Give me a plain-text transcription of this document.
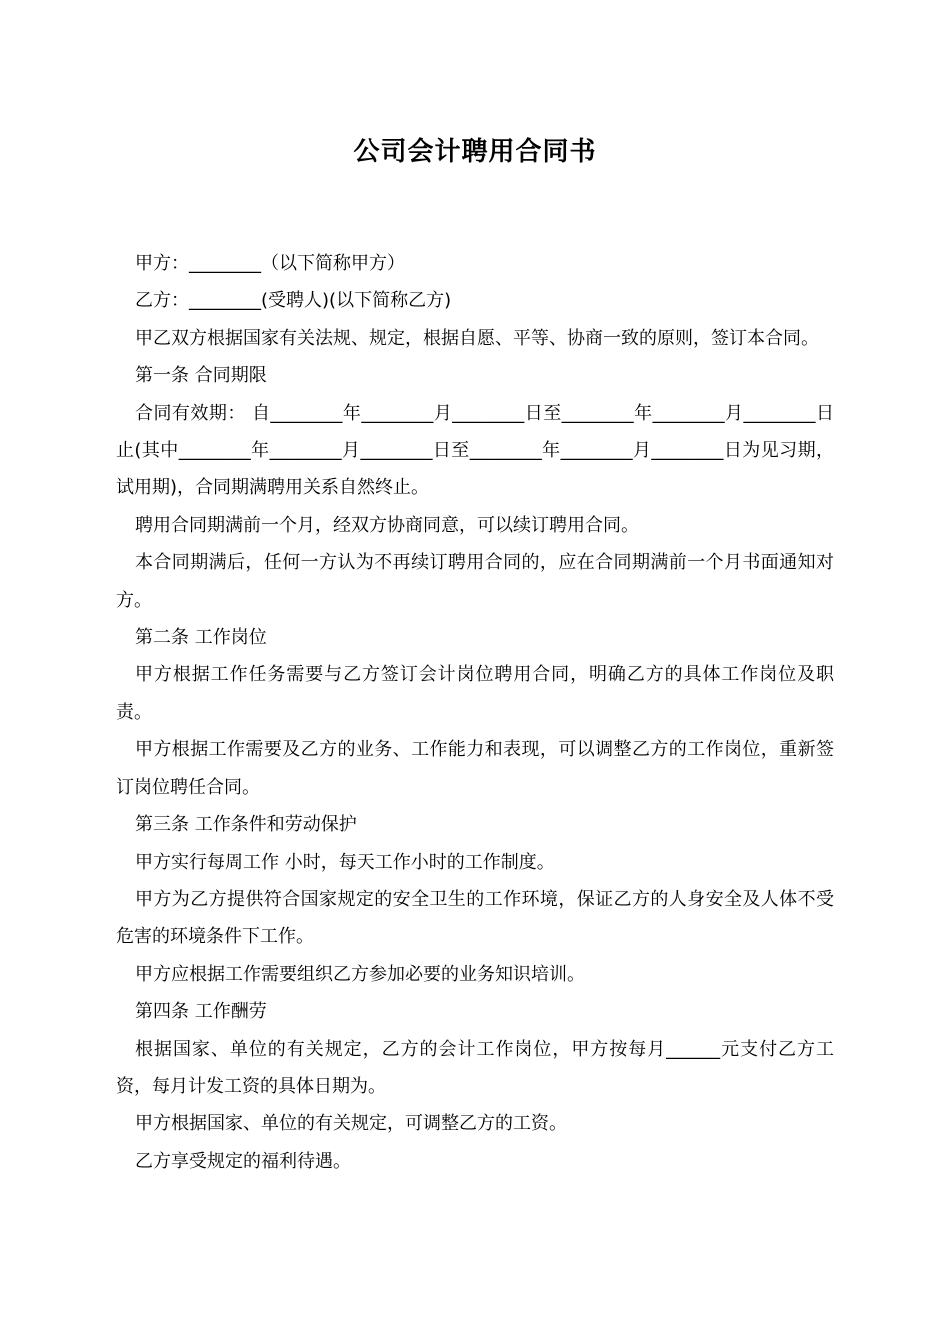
公司会计聘用合同书

甲方：________（以下简称甲方）

乙方：________(受聘人)(以下简称乙方)

甲乙双方根据国家有关法规、规定，根据自愿、平等、协商一致的原则，签订本合同。

第一条 合同期限

合同有效期： 自________年________月________日至________年________月________日止(其中________年________月________日至________年________月________日为见习期，试用期)，合同期满聘用关系自然终止。

聘用合同期满前一个月，经双方协商同意，可以续订聘用合同。

本合同期满后，任何一方认为不再续订聘用合同的，应在合同期满前一个月书面通知对方。

第二条 工作岗位

甲方根据工作任务需要与乙方签订会计岗位聘用合同，明确乙方的具体工作岗位及职责。

甲方根据工作需要及乙方的业务、工作能力和表现，可以调整乙方的工作岗位，重新签订岗位聘任合同。

第三条 工作条件和劳动保护

甲方实行每周工作 小时，每天工作小时的工作制度。

甲方为乙方提供符合国家规定的安全卫生的工作环境，保证乙方的人身安全及人体不受危害的环境条件下工作。

甲方应根据工作需要组织乙方参加必要的业务知识培训。

第四条 工作酬劳

根据国家、单位的有关规定，乙方的会计工作岗位，甲方按每月______元支付乙方工资，每月计发工资的具体日期为。

甲方根据国家、单位的有关规定，可调整乙方的工资。

乙方享受规定的福利待遇。
